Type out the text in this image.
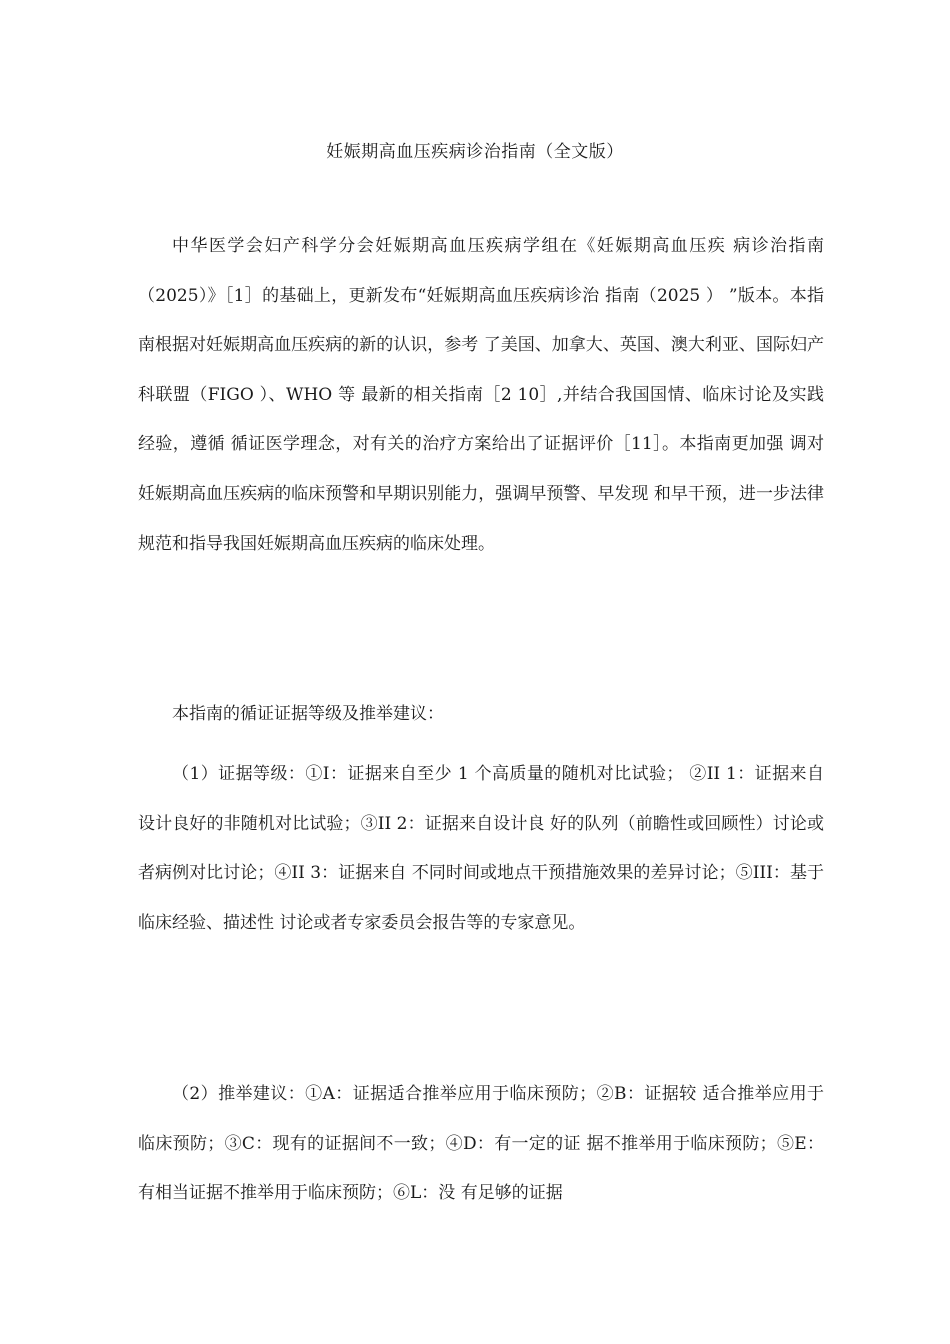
妊娠期高血压疾病诊治指南（全文版）

中华医学会妇产科学分会妊娠期高血压疾病学组在《妊娠期高血压疾 病诊治指南（2025）》［1］的基础上，更新发布“妊娠期高血压疾病诊治 指南（2025 ） ”版本。本指南根据对妊娠期高血压疾病的新的认识，参考 了美国、加拿大、英国、澳大利亚、国际妇产科联盟（FIGO ）、WHO 等 最新的相关指南［2 10］,并结合我国国情、临床讨论及实践经验，遵循 循证医学理念，对有关的治疗方案给出了证据评价［11］。本指南更加强 调对妊娠期高血压疾病的临床预警和早期识别能力，强调早预警、早发现 和早干预，进一步法律规范和指导我国妊娠期高血压疾病的临床处理。

本指南的循证证据等级及推举建议：

（1）证据等级：①I：证据来自至少 1 个高质量的随机对比试验； ②II 1：证据来自设计良好的非随机对比试验；③II 2：证据来自设计良 好的队列（前瞻性或回顾性）讨论或者病例对比讨论；④II 3：证据来自 不同时间或地点干预措施效果的差异讨论；⑤III：基于临床经验、描述性 讨论或者专家委员会报告等的专家意见。

（2）推举建议：①A：证据适合推举应用于临床预防；②B：证据较 适合推举应用于临床预防；③C：现有的证据间不一致；④D：有一定的证 据不推举用于临床预防；⑤E：有相当证据不推举用于临床预防；⑥L：没 有足够的证据
